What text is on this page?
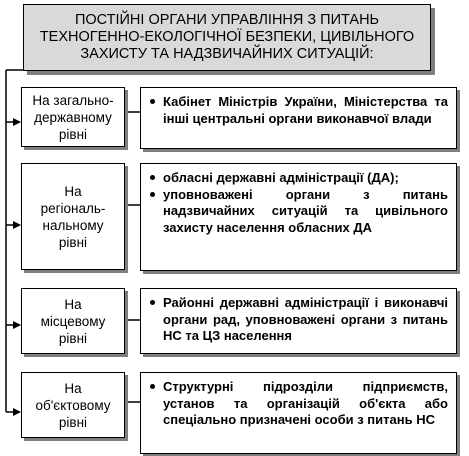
ПОСТІЙНІ ОРГАНИ УПРАВЛІННЯ З ПИТАНЬ
ТЕХНОГЕННО-ЕКОЛОГІЧНОЇ БЕЗПЕКИ, ЦИВІЛЬНОГО
ЗАХИСТУ ТА НАДЗВИЧАЙНИХ СИТУАЦІЙ:
На загально-
державному
рівні
Кабінет Міністрів України, Міністерства та інші центральні органи виконавчої влади
На
регіональ-
нальному
рівні
обласні державні адміністрації (ДА);
уповноважені органи з питань надзвичайних ситуацій та цивільного захисту населення обласних ДА
На
місцевому
рівні
Районні державні адміністрації і виконавчі органи рад, уповноважені органи з питань НС та ЦЗ населення
На
об'єктовому
рівні
Структурні підрозділи підприємств, установ та організацій об'єкта або спеціально призначені особи з питань НС
